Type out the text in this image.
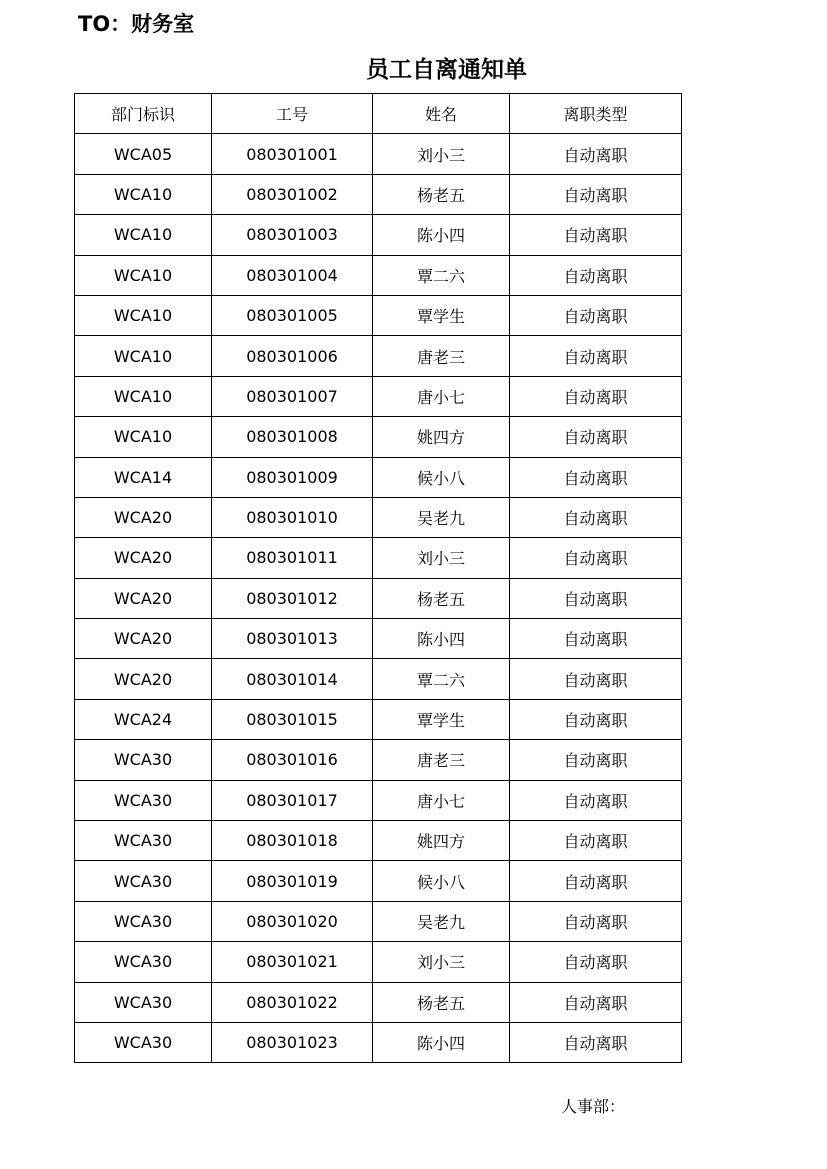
TO：财务室
员工自离通知单
部门标识	工号	姓名	离职类型
WCA05	080301001	刘小三	自动离职
WCA10	080301002	杨老五	自动离职
WCA10	080301003	陈小四	自动离职
WCA10	080301004	覃二六	自动离职
WCA10	080301005	覃学生	自动离职
WCA10	080301006	唐老三	自动离职
WCA10	080301007	唐小七	自动离职
WCA10	080301008	姚四方	自动离职
WCA14	080301009	候小八	自动离职
WCA20	080301010	吴老九	自动离职
WCA20	080301011	刘小三	自动离职
WCA20	080301012	杨老五	自动离职
WCA20	080301013	陈小四	自动离职
WCA20	080301014	覃二六	自动离职
WCA24	080301015	覃学生	自动离职
WCA30	080301016	唐老三	自动离职
WCA30	080301017	唐小七	自动离职
WCA30	080301018	姚四方	自动离职
WCA30	080301019	候小八	自动离职
WCA30	080301020	吴老九	自动离职
WCA30	080301021	刘小三	自动离职
WCA30	080301022	杨老五	自动离职
WCA30	080301023	陈小四	自动离职
人事部：
